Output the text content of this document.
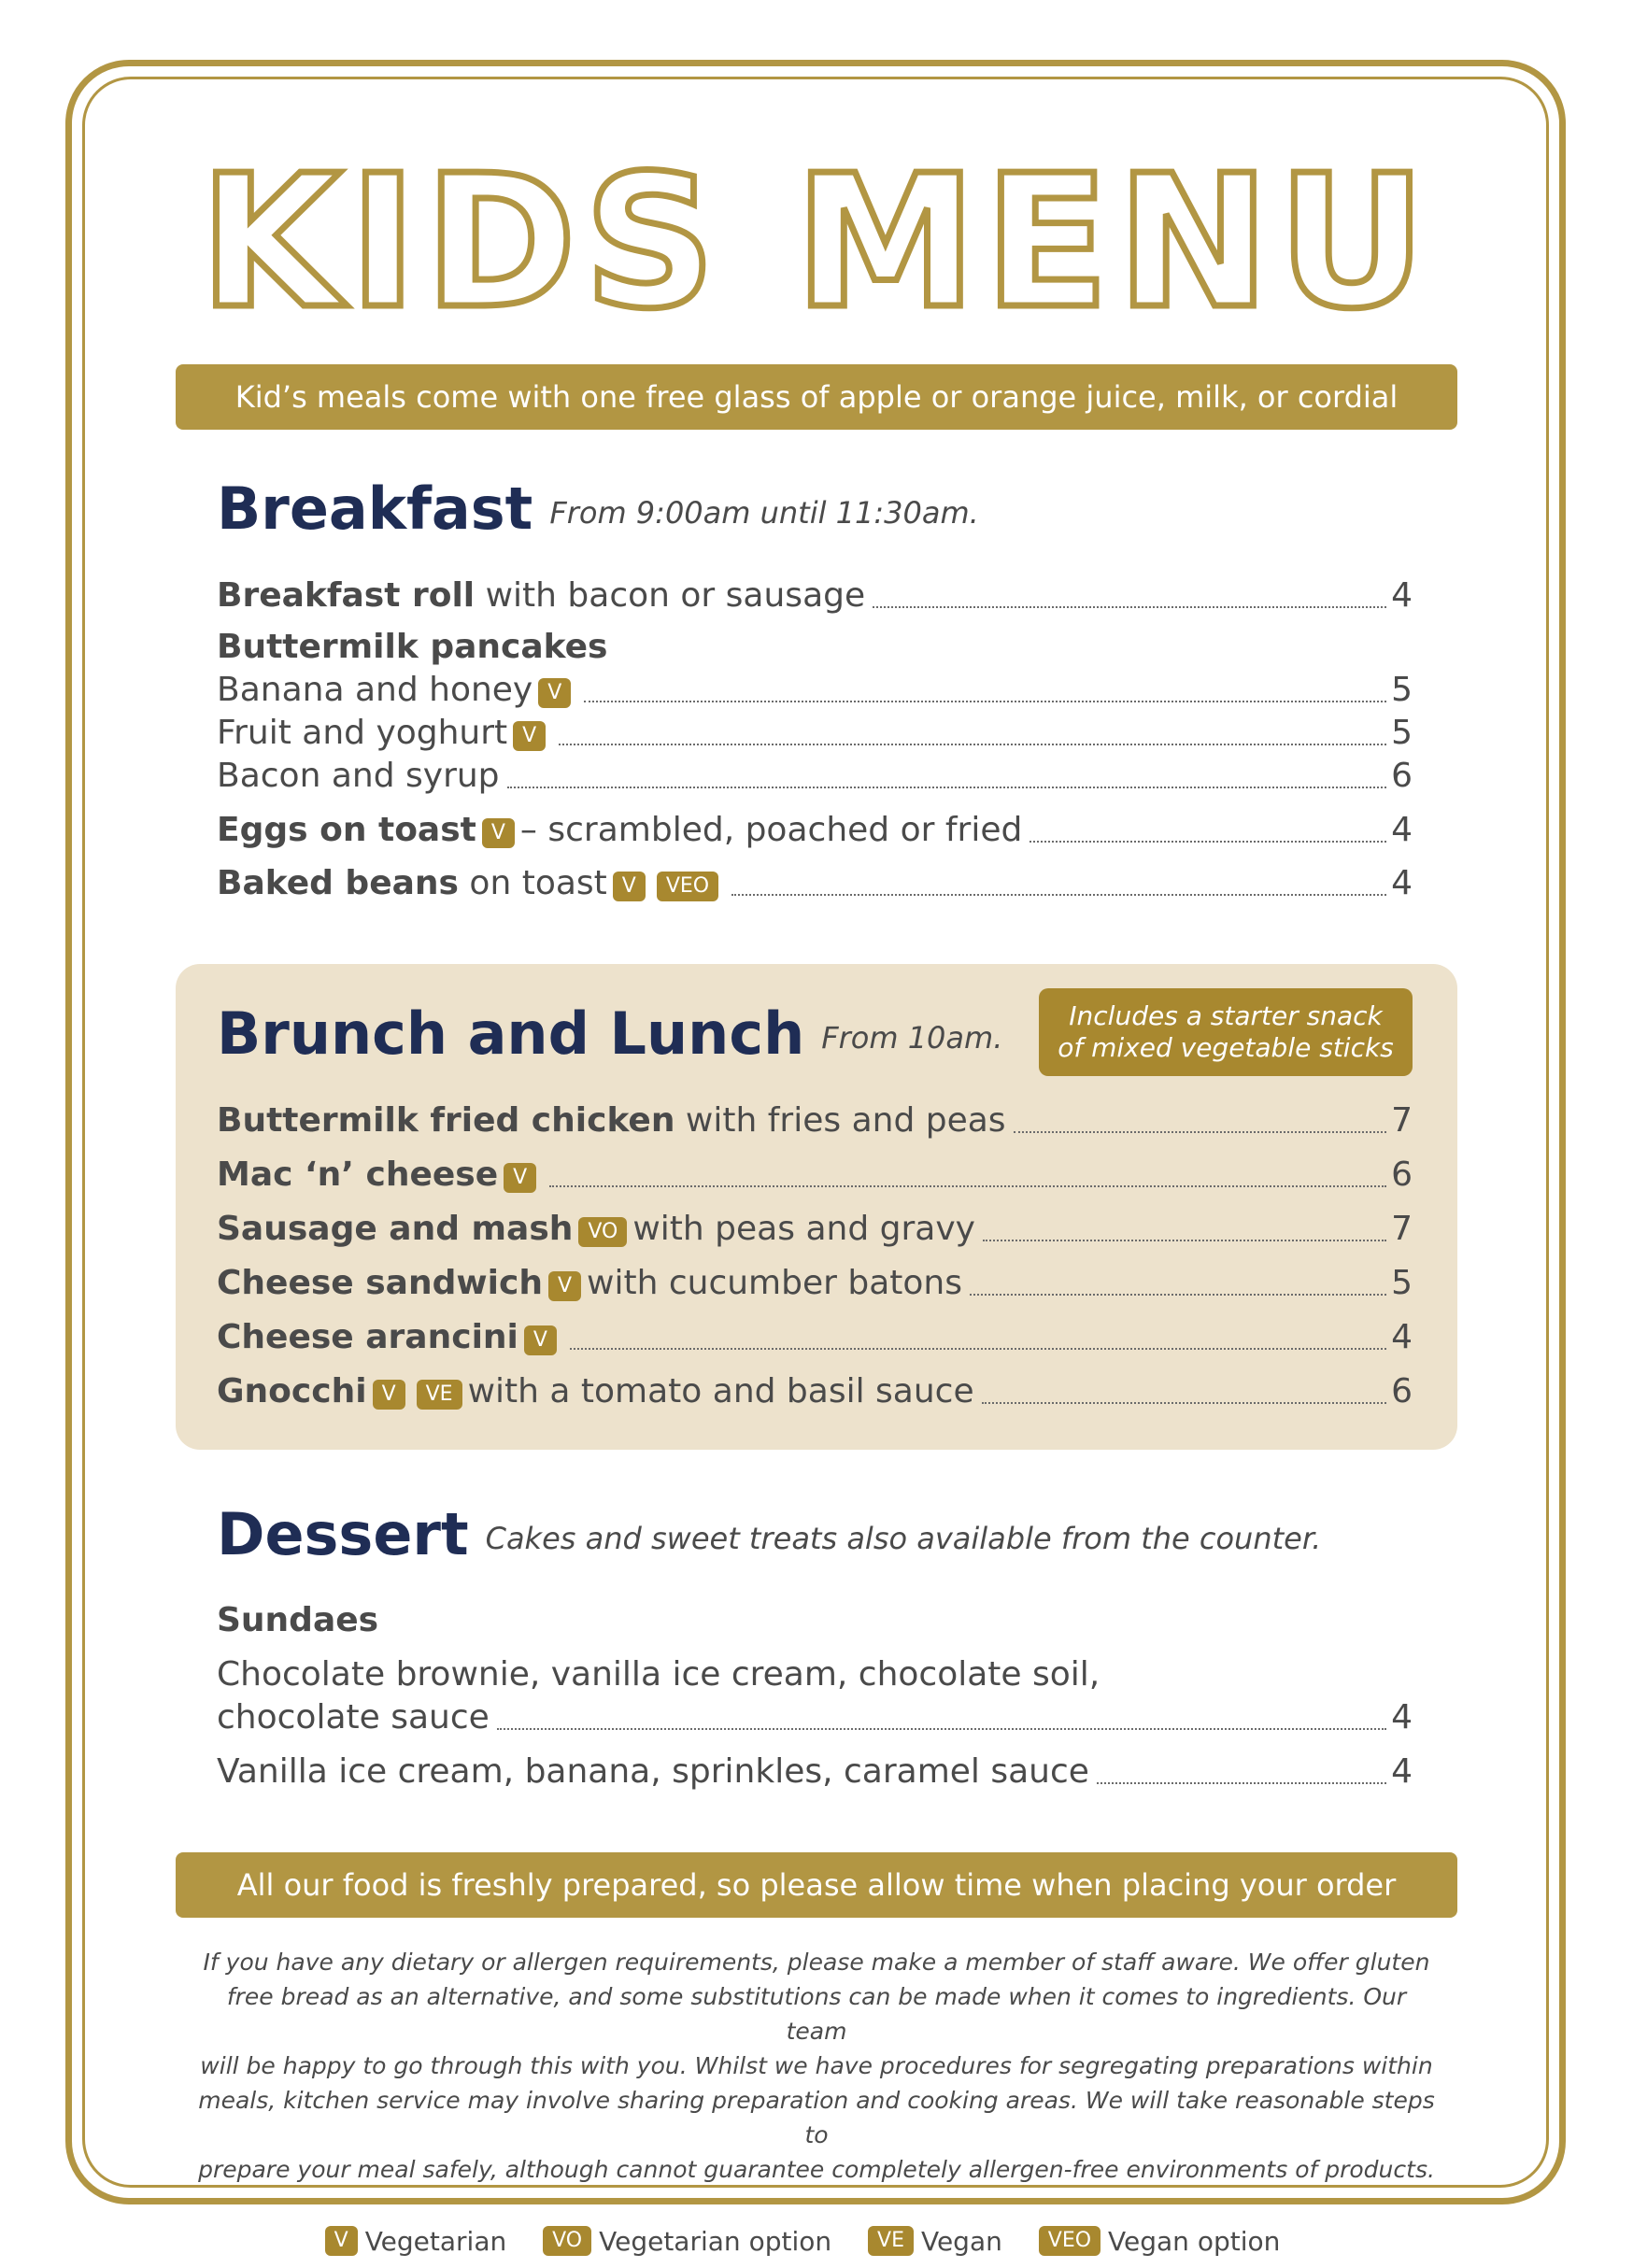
KIDS MENU
Kid’s meals come with one free glass of apple or orange juice, milk, or cordial
Breakfast From 9:00am until 11:30am.
Breakfast roll
with bacon or sausage	4
Buttermilk pancakes
Banana and honey V	5
Fruit and yoghurt V	5
Bacon and syrup	6
Eggs on toast V – scrambled, poached or fried	4
Baked beans
on toast V	VEO	4
Brunch and Lunch From 10am.
Includes a starter snack
of mixed vegetable sticks
Buttermilk fried chicken
with fries and peas	7
Mac ‘n’ cheese V	6
Sausage and mash VO with peas and gravy	7
Cheese sandwich V with cucumber batons	5
Cheese arancini V	4
Gnocchi V	VE with a tomato and basil sauce	6
Dessert Cakes and sweet treats also available from the counter.
Sundaes
Chocolate brownie, vanilla ice cream, chocolate soil,
chocolate sauce	4
Vanilla ice cream, banana, sprinkles, caramel sauce	4
All our food is freshly prepared, so please allow time when placing your order
If you have any dietary or allergen requirements, please make a member of staff aware. We offer gluten
free bread as an alternative, and some substitutions can be made when it comes to ingredients. Our team
will be happy to go through this with you. Whilst we have procedures for segregating preparations within
meals, kitchen service may involve sharing preparation and cooking areas. We will take reasonable steps to
prepare your meal safely, although cannot guarantee completely allergen-free environments of products.
V Vegetarian VO Vegetarian option VE Vegan VEO Vegan option
